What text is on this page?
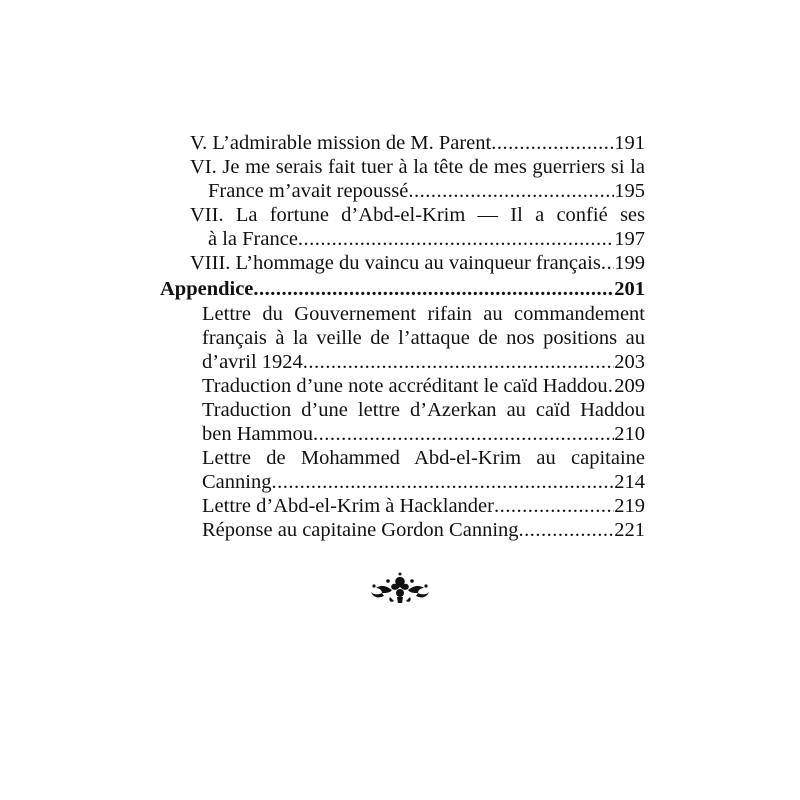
V. L’admirable mission de M. Parent .....	191
VI. Je me serais fait tuer à la tête de mes guerriers si la
France m’avait repoussé .....	195
VII. La fortune d’Abd-el-Krim — Il a confié ses
à la France .....	197
VIII. L’hommage du vaincu au vainqueur français ..... 199
Appendice .....	201
Lettre du Gouvernement rifain au commandement
français à la veille de l’attaque de nos positions au
d’avril 1924 .....	203
Traduction d’une note accréditant le caïd Haddou ..... 209
Traduction d’une lettre d’Azerkan au caïd Haddou
ben Hammou .....	210
Lettre de Mohammed Abd-el-Krim au capitaine
Canning .....	214
Lettre d’Abd-el-Krim à Hacklander .....	219
Réponse au capitaine Gordon Canning .....	221
